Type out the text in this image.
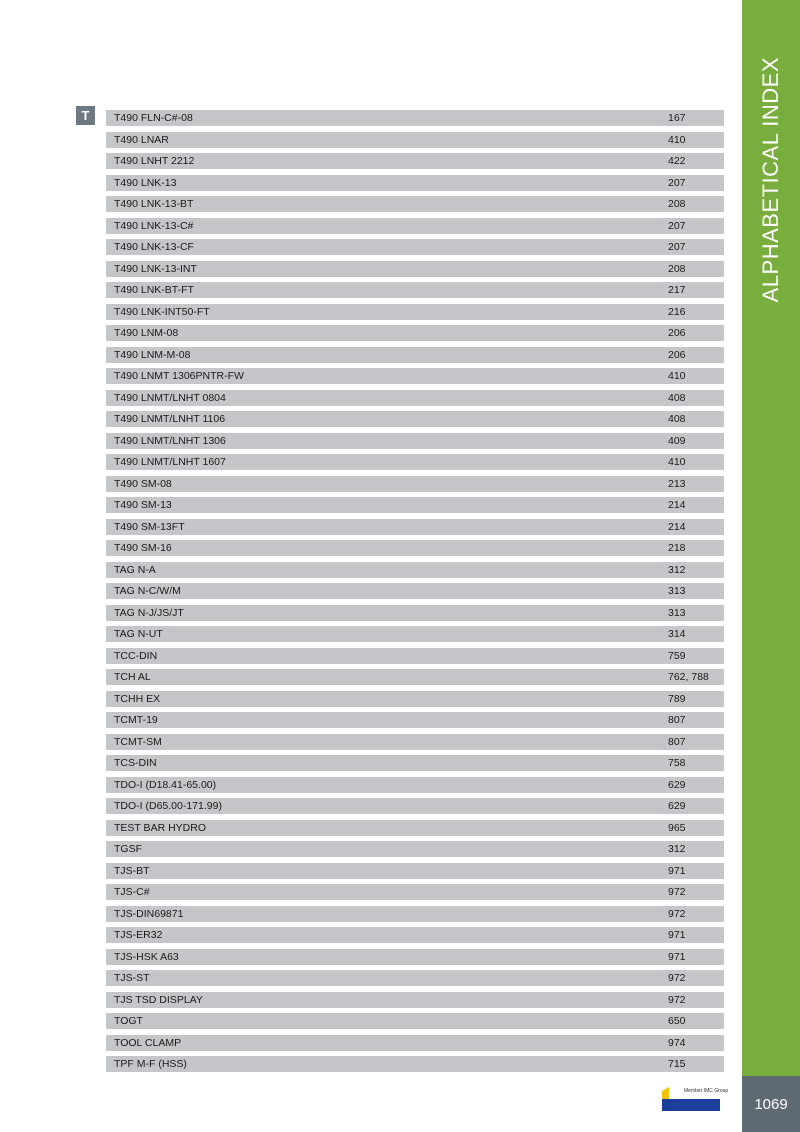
ALPHABETICAL INDEX
1069
T	T490 FLN-C#-08	167
T490 LNAR	410
T490 LNHT 2212	422
T490 LNK-13	207
T490 LNK-13-BT	208
T490 LNK-13-C#	207
T490 LNK-13-CF	207
T490 LNK-13-INT	208
T490 LNK-BT-FT	217
T490 LNK-INT50-FT	216
T490 LNM-08	206
T490 LNM-M-08	206
T490 LNMT 1306PNTR-FW	410
T490 LNMT/LNHT 0804	408
T490 LNMT/LNHT 1106	408
T490 LNMT/LNHT 1306	409
T490 LNMT/LNHT 1607	410
T490 SM-08	213
T490 SM-13	214
T490 SM-13FT	214
T490 SM-16	218
TAG N-A	312
TAG N-C/W/M	313
TAG N-J/JS/JT	313
TAG N-UT	314
TCC-DIN	759
TCH AL	762, 788
TCHH EX	789
TCMT-19	807
TCMT-SM	807
TCS-DIN	758
TDO-I (D18.41-65.00)	629
TDO-I (D65.00-171.99)	629
TEST BAR HYDRO	965
TGSF	312
TJS-BT	971
TJS-C#	972
TJS-DIN69871	972
TJS-ER32	971
TJS-HSK A63	971
TJS-ST	972
TJS TSD DISPLAY	972
TOGT	650
TOOL CLAMP	974
TPF M-F (HSS)	715
Member IMC Group
